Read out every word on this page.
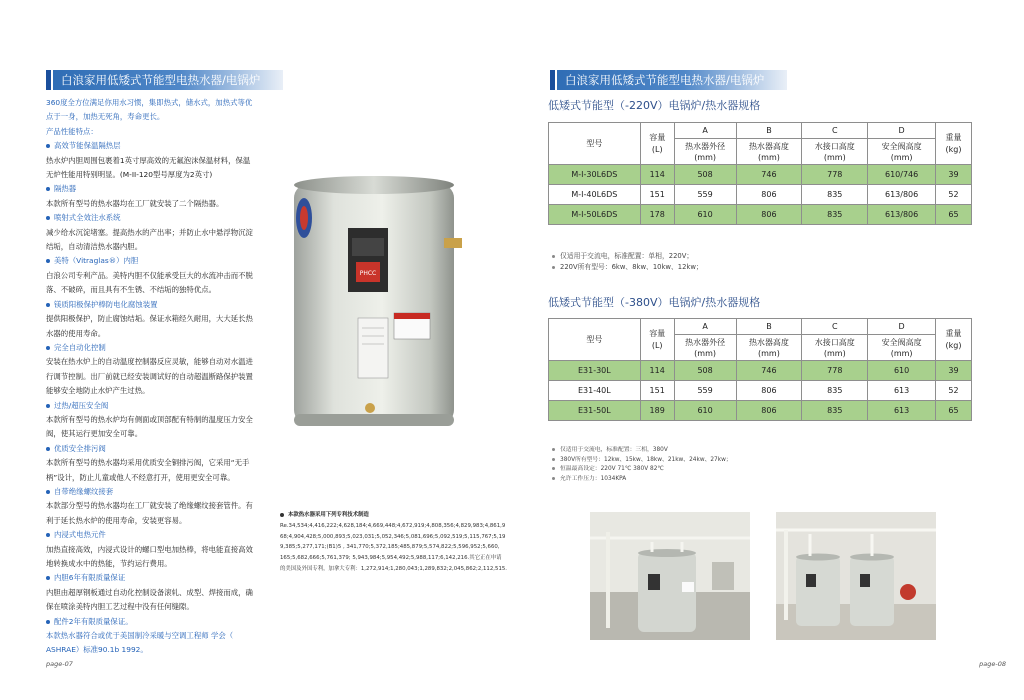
白浪家用低矮式节能型电热水器/电锅炉

360度全方位满足你用水习惯，集即热式，储水式，加热式等优

点于一身，加热无死角，寿命更长。

产品性能特点：

高效节能保温隔热层

热水炉内胆周围包裹着1英寸厚高效的无氟泡沫保温材料，保温

无炉性能用特别明显。(M-II-120型号厚度为2英寸)

隔热器

本款所有型号的热水器均在工厂就安装了二个隔热器。

喷射式全效注水系统

减少给水沉淀堵塞。提高热水的产出率；并防止水中悬浮物沉淀

结垢，自动清洁热水器内胆。

美特（Vitraglas®）内胆

白浪公司专利产品。美特内胆不仅能承受巨大的水流冲击而不脱

落、不破碎，而且具有不生锈、不结垢的独特优点。

镁质阳极保护棒防电化腐蚀装置

提供阳极保护，防止腐蚀结垢。保证水箱经久耐用，大大延长热

水器的使用寿命。

完全自动化控制

安装在热水炉上的自动温度控制器反应灵敏，能够自动对水温进

行调节控制。出厂前就已经安装调试好的自动超温断路保护装置

能够安全地防止水炉产生过热。

过热/超压安全阀

本款所有型号的热水炉均有侧面或顶部配有特制的温度压力安全

阀，使其运行更加安全可靠。

优质安全排污阀

本款所有型号的热水器均采用优质安全铜排污阀，它采用“无手

柄”设计，防止儿童或他人不经意打开，使用更安全可靠。

自带绝缘螺纹接套

本款部分型号的热水器均在工厂就安装了绝缘螺纹接套管件。有

利于延长热水炉的使用寿命，安装更容易。

内浸式电热元件

加热直接高效，内浸式设计的螺口型电加热棒，将电能直接高效

地转换成水中的热能，节约运行费用。

内胆6年有限质量保证

内胆由超厚钢板通过自动化控制设备滚轧、成型、焊接而成，确

保在喷涂美特内胆工艺过程中没有任何缝隙。

配件2年有限质量保证。

本款热水器符合或优于美国制冷采暖与空调工程师 学会（

ASHRAE）标准90.1b 1992。

PHCC

本款热水器采用下列专利技术制造

Re.34,534;4,416,222;4,628,184;4,669,448;4,672,919;4,808,356;4,829,983;4,861,9

68;4,904,428;5,000,893;5,023,031;5,052,346;5,081,696;5,092,519;5,115,767;5,19

9,385;5,277,171;(B1)5 , 341,770;5,372,185;485,879;5,574,822;5,596,952;5,660,

165;5,682,666;5,761,379; 5,943,984;5,954,492;5,988,117;6,142,216.其它正在申请

的美国及外国专利，加拿大专利：1,272,914;1,280,043;1,289,832;2,045,862;2,112,515.

page-07
白浪家用低矮式节能型电热水器/电锅炉
低矮式节能型（-220V）电锅炉/热水器规格
型号	容量
(L)	A	B	C	D	重量
(kg)
		热水器外径
(mm)	热水器高度
(mm)	水接口高度
(mm)	安全阀高度
(mm)	
M-I-30L6DS	114	508	746	778	610/746	39
M-I-40L6DS	151	559	806	835	613/806	52
M-I-50L6DS	178	610	806	835	613/806	65

仅适用于交流电，标准配置：单相，220V；

220V所有型号：6kw、8kw、10kw、12kw；

低矮式节能型（-380V）电锅炉/热水器规格
型号	容量
(L)	A	B	C	D	重量
(kg)
		热水器外径
(mm)	热水器高度
(mm)	水接口高度
(mm)	安全阀高度
(mm)	
E31-30L	114	508	746	778	610	39
E31-40L	151	559	806	835	613	52
E31-50L	189	610	806	835	613	65

仅适用于交流电，标准配置：三相，380V

380V所有型号：12kw、15kw、18kw、21kw、24kw、27kw；

恒温最高设定：220V 71℃ 380V 82℃

允许工作压力：1034KPA

page-08
